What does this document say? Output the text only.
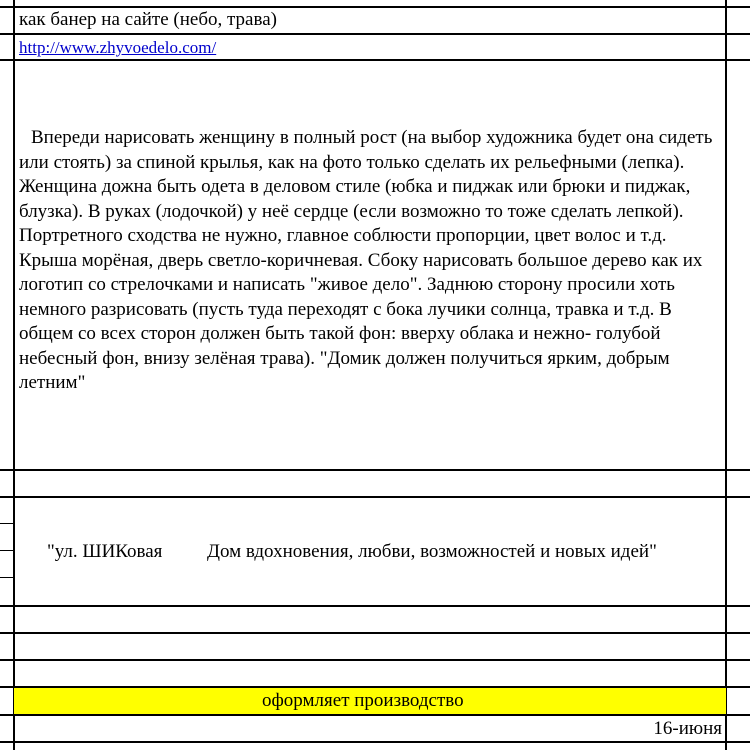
как банер на сайте (небо, трава)
http://www.zhyvoedelo.com/
Впереди нарисовать женщину в полный рост (на выбор художника будет она сидеть или стоять) за спиной крылья, как на фото только сделать их рельефными (лепка). Женщина дожна быть одета в деловом стиле (юбка и пиджак или брюки и пиджак, блузка). В руках (лодочкой) у неё сердце (если возможно то тоже сделать лепкой). Портретного сходства не нужно, главное соблюсти пропорции, цвет волос и т.д. Крыша морёная, дверь светло-коричневая. Сбоку нарисовать большое дерево как их логотип со стрелочками и написать "живое дело". Заднюю сторону просили хоть немного разрисовать (пусть туда переходят с бока лучики солнца, травка и т.д. В общем со всех сторон должен быть такой фон: вверху облака и нежно- голубой небесный фон, внизу зелёная трава). "Домик должен получиться ярким, добрым летним"
"ул. ШИКовая Дом вдохновения, любви, возможностей и новых идей"
оформляет производство
16-июня
